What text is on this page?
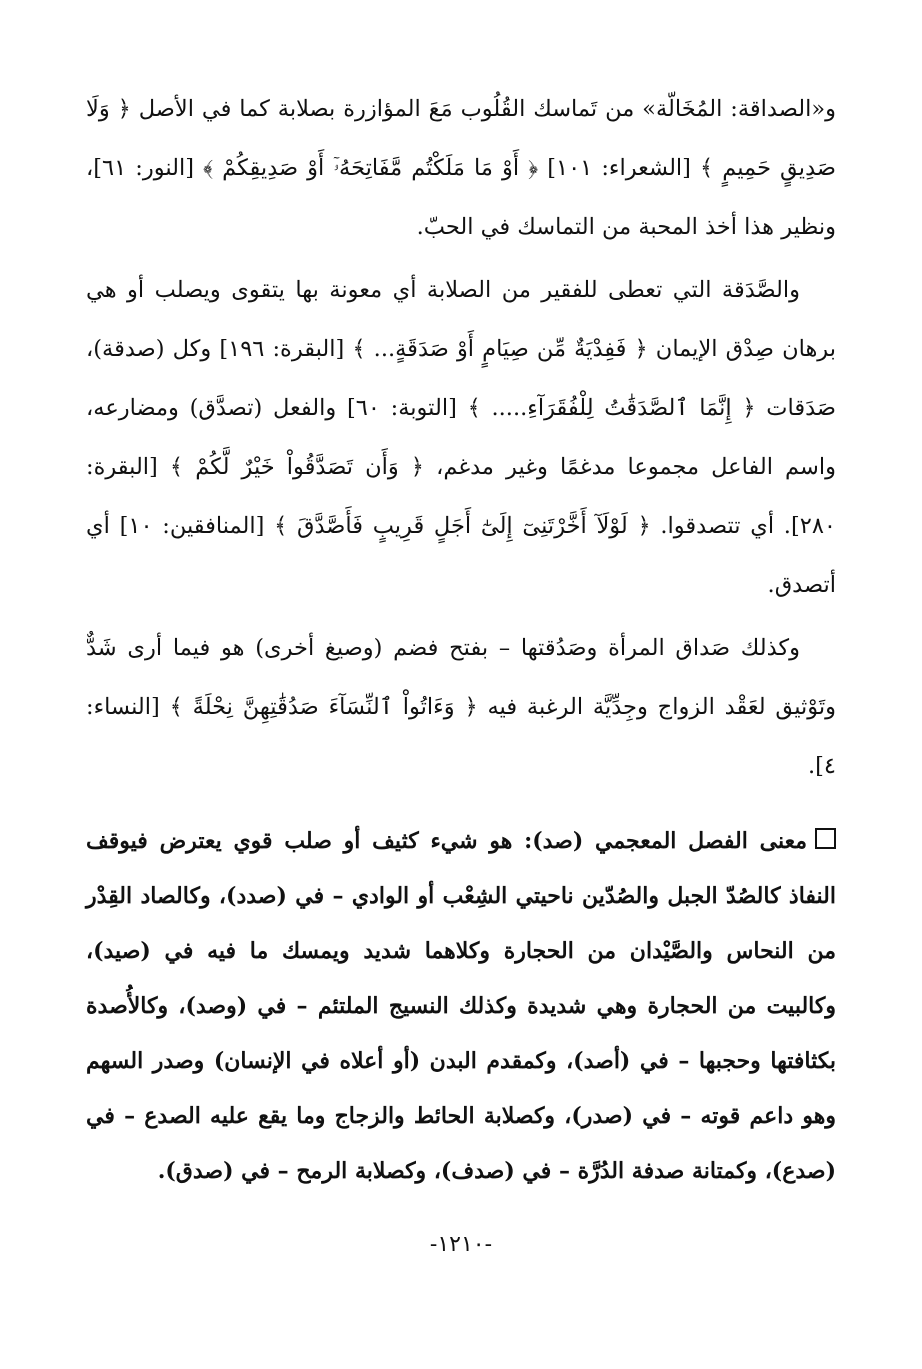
و«الصداقة: المُخَالّة» من تَماسك القُلُوب مَعَ المؤازرة بصلابة كما في الأصل ﴿ وَلَا صَدِيقٍ حَمِيمٍ ﴾ [الشعراء: ١٠١] ﴿ أَوْ مَا مَلَكْتُم مَّفَاتِحَهُۥٓ أَوْ صَدِيقِكُمْ ﴾ [النور: ٦١]، ونظير هذا أخذ المحبة من التماسك في الحبّ.

والصَّدَقة التي تعطى للفقير من الصلابة أي معونة بها يتقوى ويصلب أو هي برهان صِدْق الإيمان ﴿ فَفِدْيَةٌ مِّن صِيَامٍ أَوْ صَدَقَةٍ... ﴾ [البقرة: ١٩٦] وكل (صدقة)، صَدَقات ﴿ إِنَّمَا ٱلصَّدَقَٰتُ لِلْفُقَرَآءِ..... ﴾ [التوبة: ٦٠] والفعل (تصدَّق) ومضارعه، واسم الفاعل مجموعا مدغمًا وغير مدغم، ﴿ وَأَن تَصَدَّقُواْ خَيْرٌ لَّكُمْ ﴾ [البقرة: ٢٨٠]. أي تتصدقوا. ﴿ لَوْلَآ أَخَّرْتَنِىٓ إِلَىٰٓ أَجَلٍ قَرِيبٍ فَأَصَّدَّقَ ﴾ [المنافقين: ١٠] أي أتصدق.

وكذلك صَداق المرأة وصَدُقتها – بفتح فضم (وصيغ أخرى) هو فيما أرى شَدٌّ وتَوْثيق لعَقْد الزواج وجِدِّيَّة الرغبة فيه ﴿ وَءَاتُواْ ٱلنِّسَآءَ صَدُقَٰتِهِنَّ نِحْلَةً ﴾ [النساء: ٤].

معنى الفصل المعجمي (صد): هو شيء كثيف أو صلب قوي يعترض فيوقف النفاذ كالصُدّ الجبل والصُدّين ناحيتي الشِعْب أو الوادي – في (صدد)، وكالصاد القِدْر من النحاس والصَّيْدان من الحجارة وكلاهما شديد ويمسك ما فيه في (صيد)، وكالبيت من الحجارة وهي شديدة وكذلك النسيج الملتئم – في (وصد)، وكالأُصدة بكثافتها وحجبها – في (أصد)، وكمقدم البدن (أو أعلاه في الإنسان) وصدر السهم وهو داعم قوته – في (صدر)، وكصلابة الحائط والزجاج وما يقع عليه الصدع – في (صدع)، وكمتانة صدفة الدُرَّة – في (صدف)، وكصلابة الرمح – في (صدق).

-١٢١٠-
